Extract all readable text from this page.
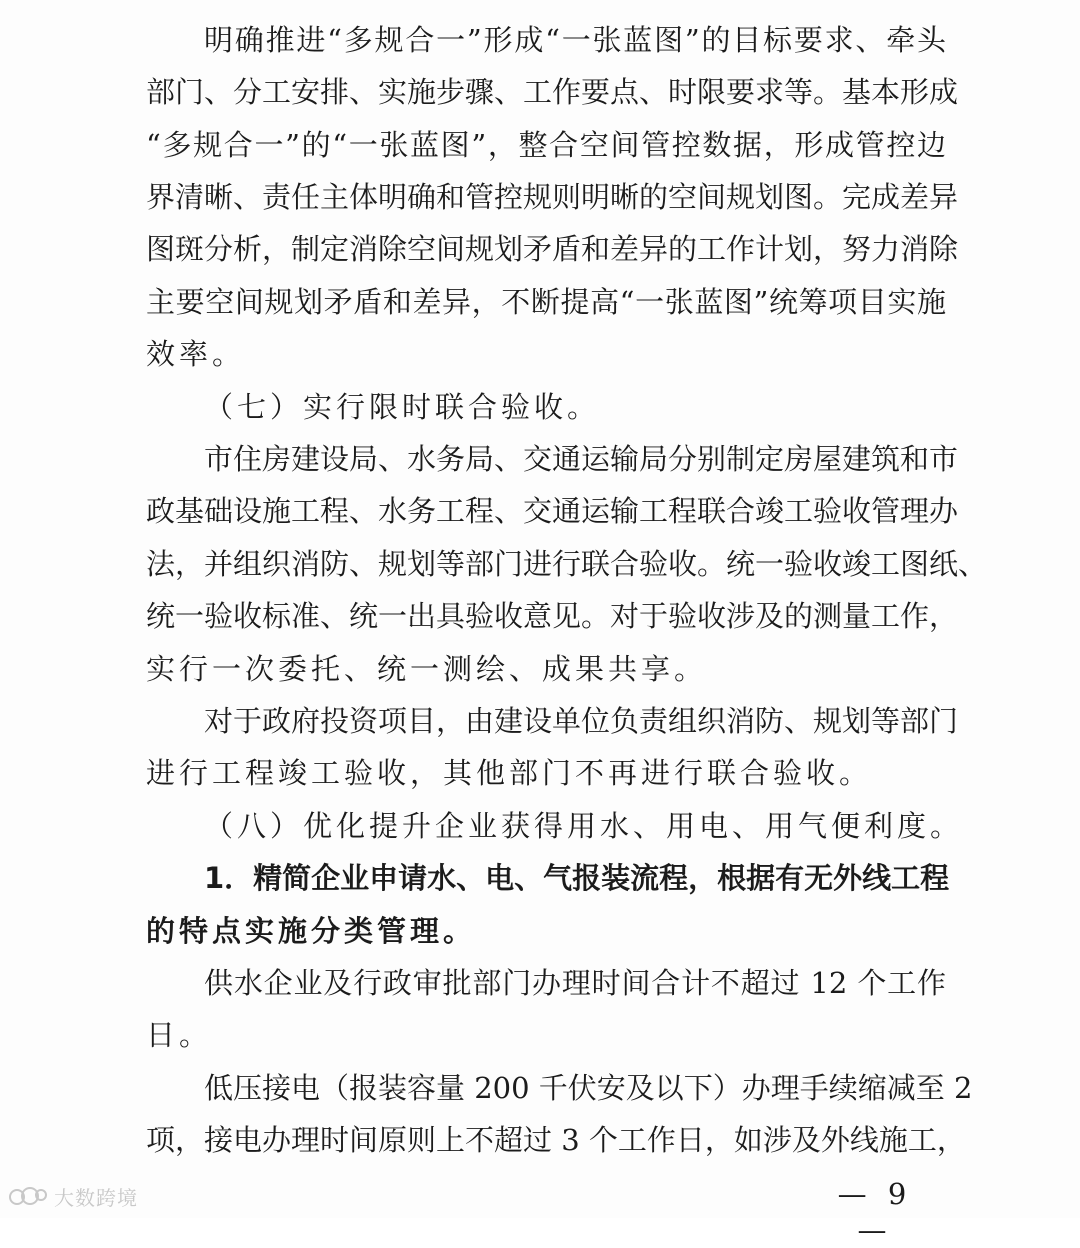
明确推进“多规合一”形成“一张蓝图”的目标要求、牵头
部门、分工安排、实施步骤、工作要点、时限要求等。基本形成
“多规合一”的“一张蓝图”，整合空间管控数据，形成管控边
界清晰、责任主体明确和管控规则明晰的空间规划图。完成差异
图斑分析，制定消除空间规划矛盾和差异的工作计划，努力消除
主要空间规划矛盾和差异，不断提高“一张蓝图”统筹项目实施
效率。
（七）实行限时联合验收。
市住房建设局、水务局、交通运输局分别制定房屋建筑和市
政基础设施工程、水务工程、交通运输工程联合竣工验收管理办
法，并组织消防、规划等部门进行联合验收。统一验收竣工图纸、
统一验收标准、统一出具验收意见。对于验收涉及的测量工作，
实行一次委托、统一测绘、成果共享。
对于政府投资项目，由建设单位负责组织消防、规划等部门
进行工程竣工验收，其他部门不再进行联合验收。
（八）优化提升企业获得用水、用电、用气便利度。
1．精简企业申请水、电、气报装流程，根据有无外线工程
的特点实施分类管理。
供水企业及行政审批部门办理时间合计不超过 12 个工作
日。
低压接电（报装容量 200 千伏安及以下）办理手续缩减至 2
项，接电办理时间原则上不超过 3 个工作日，如涉及外线施工，
— 9 —
大数跨境
